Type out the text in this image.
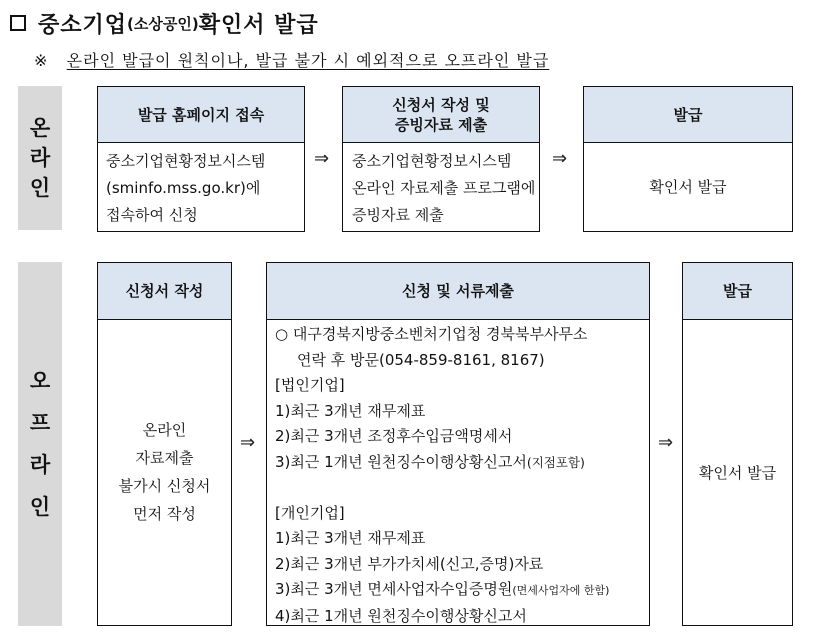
중소기업 (소상공인) 확인서 발급
※ 온라인 발급이 원칙이나, 발급 불가 시 예외적으로 오프라인 발급
온
라
인
발급 홈페이지 접속
중소기업현황정보시스템
(sminfo.mss.go.kr)에
접속하여 신청
⇒
신청서 작성 및
증빙자료 제출
중소기업현황정보시스템
온라인 자료제출 프로그램에
증빙자료 제출
⇒
발급
확인서 발급
오
프
라
인
신청서 작성
온라인
자료제출
불가시 신청서
먼저 작성
⇒
신청 및 서류제출
○ 대구경북지방중소벤처기업청 경북북부사무소
연락 후 방문(054-859-8161, 8167)
[법인기업]
1)최근 3개년 재무제표
2)최근 3개년 조정후수입금액명세서
3)최근 1개년 원천징수이행상황신고서(지점포함)

[개인기업]
1)최근 3개년 재무제표
2)최근 3개년 부가가치세(신고,증명)자료
3)최근 3개년 면세사업자수입증명원(면세사업자에 한함)
4)최근 1개년 원천징수이행상황신고서
⇒
발급
확인서 발급
